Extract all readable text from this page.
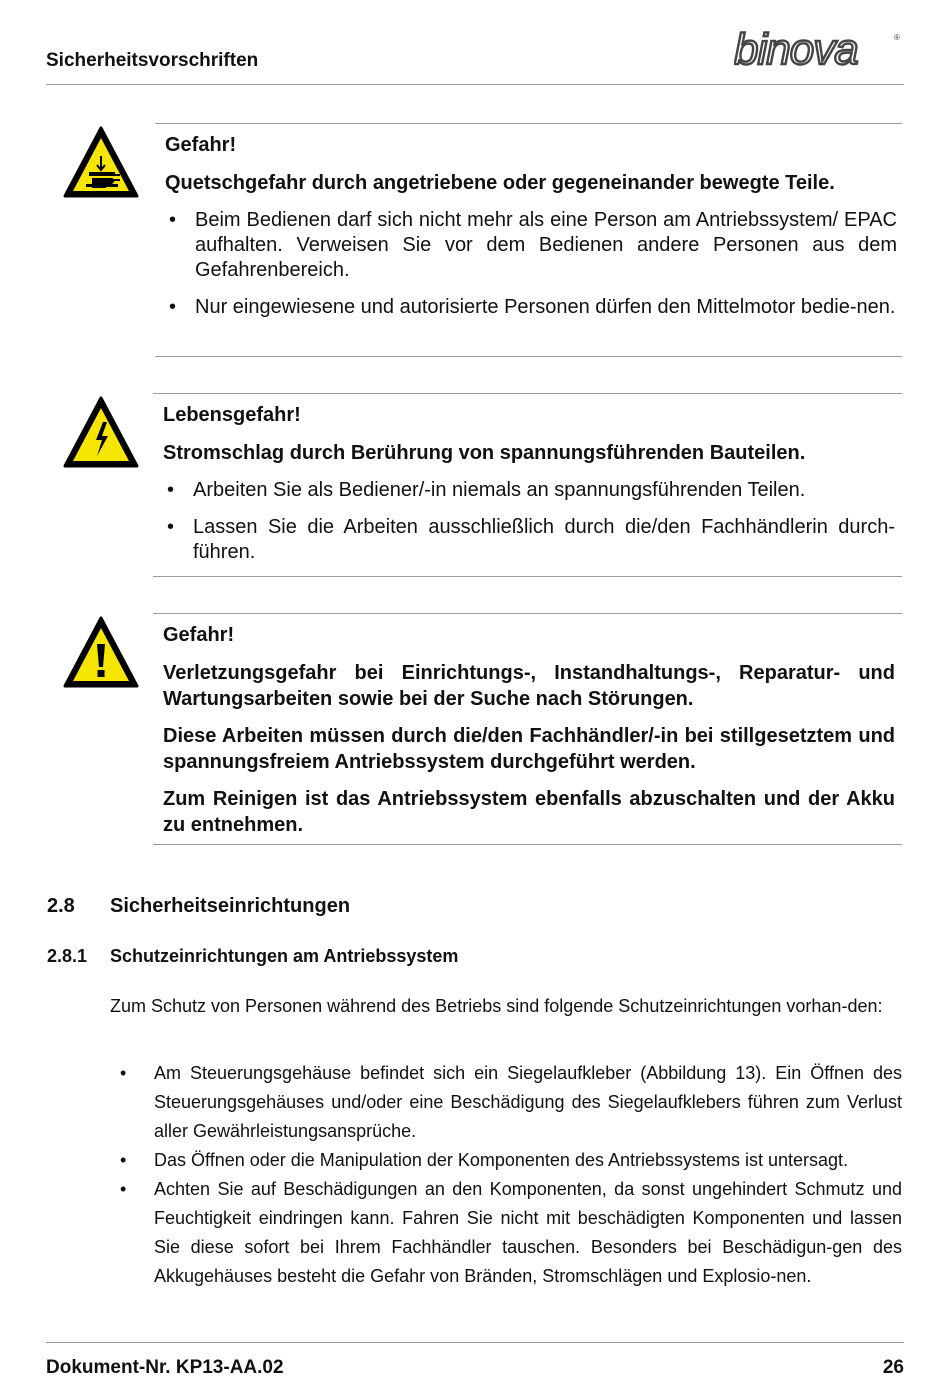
Sicherheitsvorschriften	binova	®

Gefahr!

Quetschgefahr durch angetriebene oder gegeneinander bewegte Teile.

• Beim Bedienen darf sich nicht mehr als eine Person am Antriebssystem/ EPAC aufhalten. Verweisen Sie vor dem Bedienen andere Personen aus dem Gefahrenbereich.
• Nur eingewiesene und autorisierte Personen dürfen den Mittelmotor bedie-nen.

Lebensgefahr!

Stromschlag durch Berührung von spannungsführenden Bauteilen.

• Arbeiten Sie als Bediener/-in niemals an spannungsführenden Teilen.
• Lassen Sie die Arbeiten ausschließlich durch die/den Fachhändlerin durch-führen.

Gefahr!

Verletzungsgefahr bei Einrichtungs-, Instandhaltungs-, Reparatur- und Wartungsarbeiten sowie bei der Suche nach Störungen.

Diese Arbeiten müssen durch die/den Fachhändler/-in bei stillgesetztem und spannungsfreiem Antriebssystem durchgeführt werden.

Zum Reinigen ist das Antriebssystem ebenfalls abzuschalten und der Akku zu entnehmen.

2.8 Sicherheitseinrichtungen
2.8.1 Schutzeinrichtungen am Antriebssystem

Zum Schutz von Personen während des Betriebs sind folgende Schutzeinrichtungen vorhan-den:

• Am Steuerungsgehäuse befindet sich ein Siegelaufkleber (Abbildung 13). Ein Öffnen des Steuerungsgehäuses und/oder eine Beschädigung des Siegelaufklebers führen zum Verlust aller Gewährleistungsansprüche.
• Das Öffnen oder die Manipulation der Komponenten des Antriebssystems ist untersagt.
• Achten Sie auf Beschädigungen an den Komponenten, da sonst ungehindert Schmutz und Feuchtigkeit eindringen kann. Fahren Sie nicht mit beschädigten Komponenten und lassen Sie diese sofort bei Ihrem Fachhändler tauschen. Besonders bei Beschädigun-gen des Akkugehäuses besteht die Gefahr von Bränden, Stromschlägen und Explosio-nen.
Dokument-Nr. KP13-AA.02	26
